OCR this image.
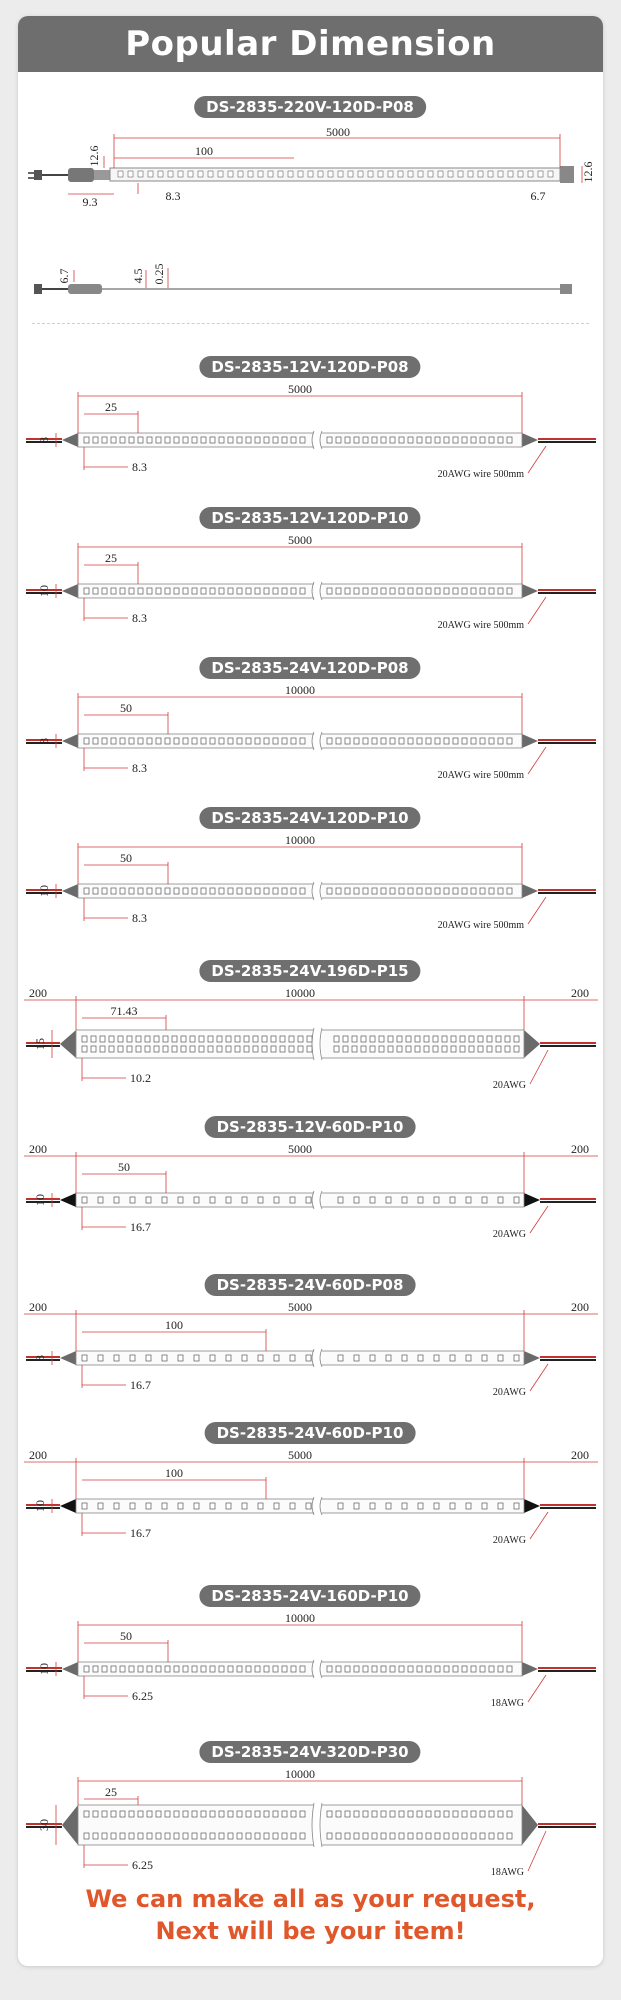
Popular Dimension
DS-2835-220V-120D-P08
5000
100
12.6
9.3	8.3	6.7
12.6
6.7	4.5 0.25
DS-2835-12V-120D-P08
5000
25
8
8.3
20AWG wire 500mm
DS-2835-12V-120D-P10
5000
25
10
8.3
20AWG wire 500mm
DS-2835-24V-120D-P08
10000
50
8
8.3
20AWG wire 500mm
DS-2835-24V-120D-P10
10000
50
10
8.3
20AWG wire 500mm
DS-2835-24V-196D-P15
10000
71.43
15
10.2
200	200
20AWG
DS-2835-12V-60D-P10
5000
50
10
16.7
200	200
20AWG
DS-2835-24V-60D-P08
5000
100
8
16.7
200	200
20AWG
DS-2835-24V-60D-P10
5000
100
10
16.7
200	200
20AWG
DS-2835-24V-160D-P10
10000
50
10
6.25
18AWG
DS-2835-24V-320D-P30
10000
25
30
6.25
18AWG
We can make all as your request,
Next will be your item!
